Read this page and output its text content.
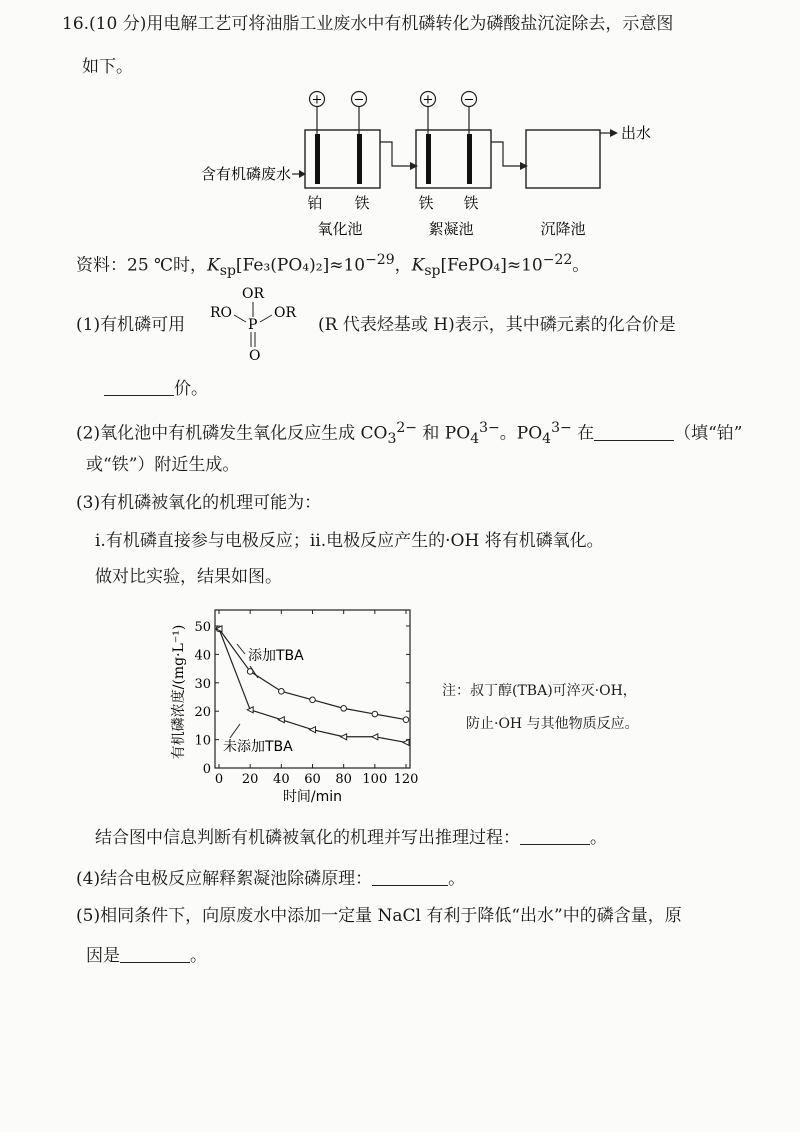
16.(10 分)用电解工艺可将油脂工业废水中有机磷转化为磷酸盐沉淀除去，示意图
如下。
+ −	+ −
出水
含有机磷废水
铂 铁	铁 铁
氧化池	絮凝池	沉降池
资料：25 ℃时，$K_{sp}[Fe_3(PO_4)_2]\approx 10^{-29}$，$K_{sp}[FePO_4]\approx 10^{-22}$。
(1)有机磷可用
OR
RO	OR
P
O
(R 代表烃基或 H)表示，其中磷元素的化合价是
价。
(2)氧化池中有机磷发生氧化反应生成 $CO_3^{2-}$ 和 $PO_4^{3-}$。$PO_4^{3-}$ 在	（填“铂”
或“铁”）附近生成。
(3)有机磷被氧化的机理可能为：
ⅰ.有机磷直接参与电极反应；ⅱ.电极反应产生的·OH 将有机磷氧化。
做对比实验，结果如图。
0 20 40 60 80 100 120
0
10
20
30
40
50
添加TBA
未添加TBA
时间/min
有机磷浓度/(mg·L⁻¹)	注：叔丁醇(TBA)可淬灭·OH，
防止·OH 与其他物质反应。
结合图中信息判断有机磷被氧化的机理并写出推理过程：	。
(4)结合电极反应解释絮凝池除磷原理：	。
(5)相同条件下，向原废水中添加一定量 NaCl 有利于降低“出水”中的磷含量，原
因是	。
